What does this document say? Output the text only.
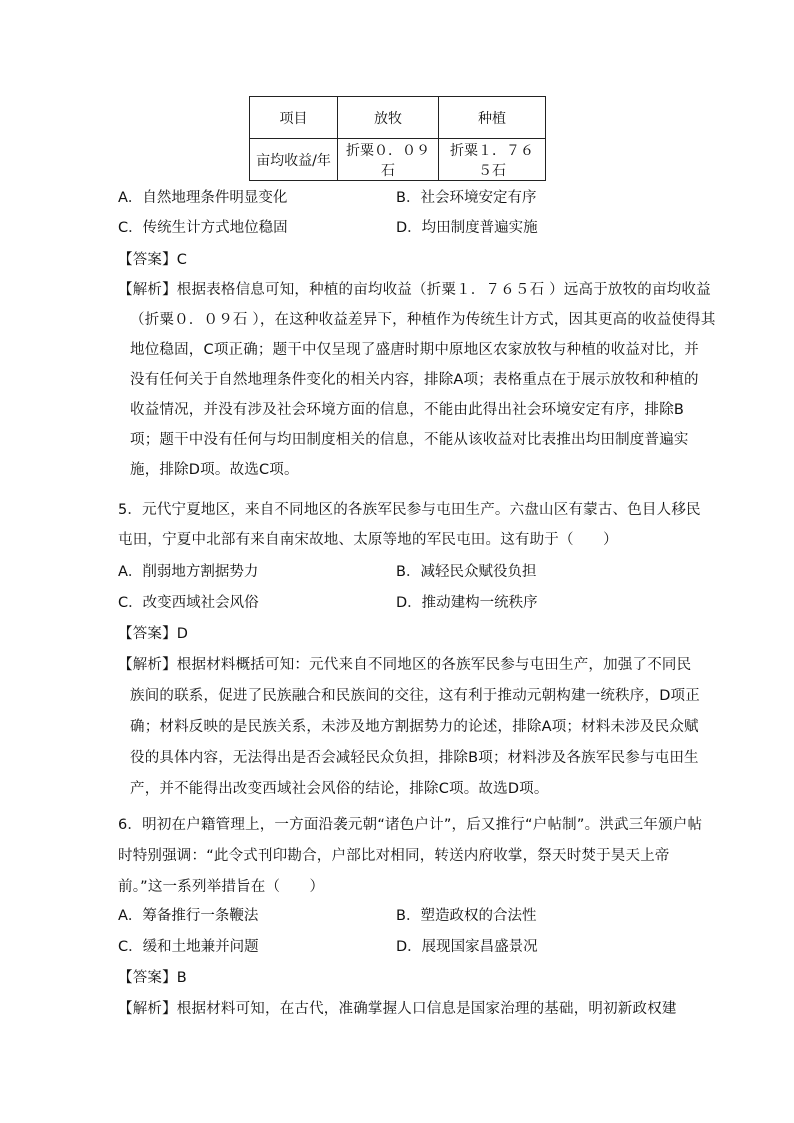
项目	放牧	种植
亩均收益/年	折粟０．０９石	折粟１．７６５石
A．自然地理条件明显变化	B．社会环境安定有序
C．传统生计方式地位稳固	D．均田制度普遍实施
【答案】C
【解析】根据表格信息可知，种植的亩均收益（折粟１．７６５石 ）远高于放牧的亩均收益
（折粟０．０９石 ），在这种收益差异下，种植作为传统生计方式，因其更高的收益使得其
地位稳固，C项正确；题干中仅呈现了盛唐时期中原地区农家放牧与种植的收益对比，并
没有任何关于自然地理条件变化的相关内容，排除A项；表格重点在于展示放牧和种植的
收益情况，并没有涉及社会环境方面的信息，不能由此得出社会环境安定有序，排除B
项；题干中没有任何与均田制度相关的信息，不能从该收益对比表推出均田制度普遍实
施，排除D项。故选C项。
5．元代宁夏地区，来自不同地区的各族军民参与屯田生产。六盘山区有蒙古、色目人移民
屯田，宁夏中北部有来自南宋故地、太原等地的军民屯田。这有助于（　　）
A．削弱地方割据势力	B．减轻民众赋役负担
C．改变西域社会风俗	D．推动建构一统秩序
【答案】D
【解析】根据材料概括可知：元代来自不同地区的各族军民参与屯田生产，加强了不同民
族间的联系，促进了民族融合和民族间的交往，这有利于推动元朝构建一统秩序，D项正
确；材料反映的是民族关系，未涉及地方割据势力的论述，排除A项；材料未涉及民众赋
役的具体内容，无法得出是否会减轻民众负担，排除B项；材料涉及各族军民参与屯田生
产，并不能得出改变西域社会风俗的结论，排除C项。故选D项。
6．明初在户籍管理上，一方面沿袭元朝“诸色户计”，后又推行“户帖制”。洪武三年颁户帖
时特别强调：“此令式刊印勘合，户部比对相同，转送内府收掌，祭天时焚于昊天上帝
前。”这一系列举措旨在（　　）
A．筹备推行一条鞭法	B．塑造政权的合法性
C．缓和土地兼并问题	D．展现国家昌盛景况
【答案】B
【解析】根据材料可知，在古代，准确掌握人口信息是国家治理的基础，明初新政权建
